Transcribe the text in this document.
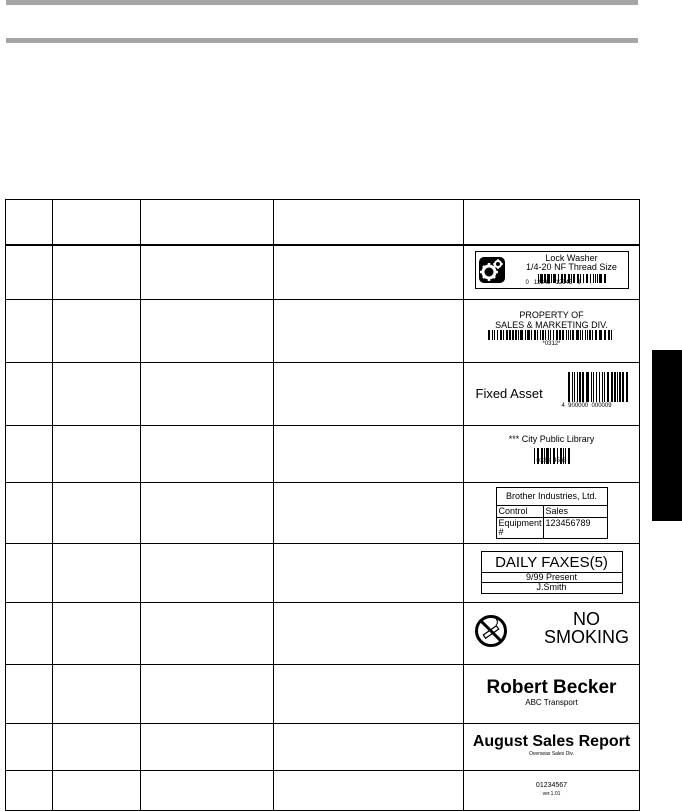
				Lock Washer
1/4-20 NF Thread Size
0   12345   12345   9

				PROPERTY OF
SALES & MARKETING DIV.
*0312*

				Fixed Asset
4  900000  000009

				*** City Public Library
0123  4565

				Brother Industries, Ltd.
Control Sales
Equipment #
123456789

				DAILY FAXES(5)
9/99 Present
J.Smith

				NO
SMOKING

				Robert Becker
ABC Transport

				August Sales Report
Overseas Sales Div.

				01234567
ver.1.01
